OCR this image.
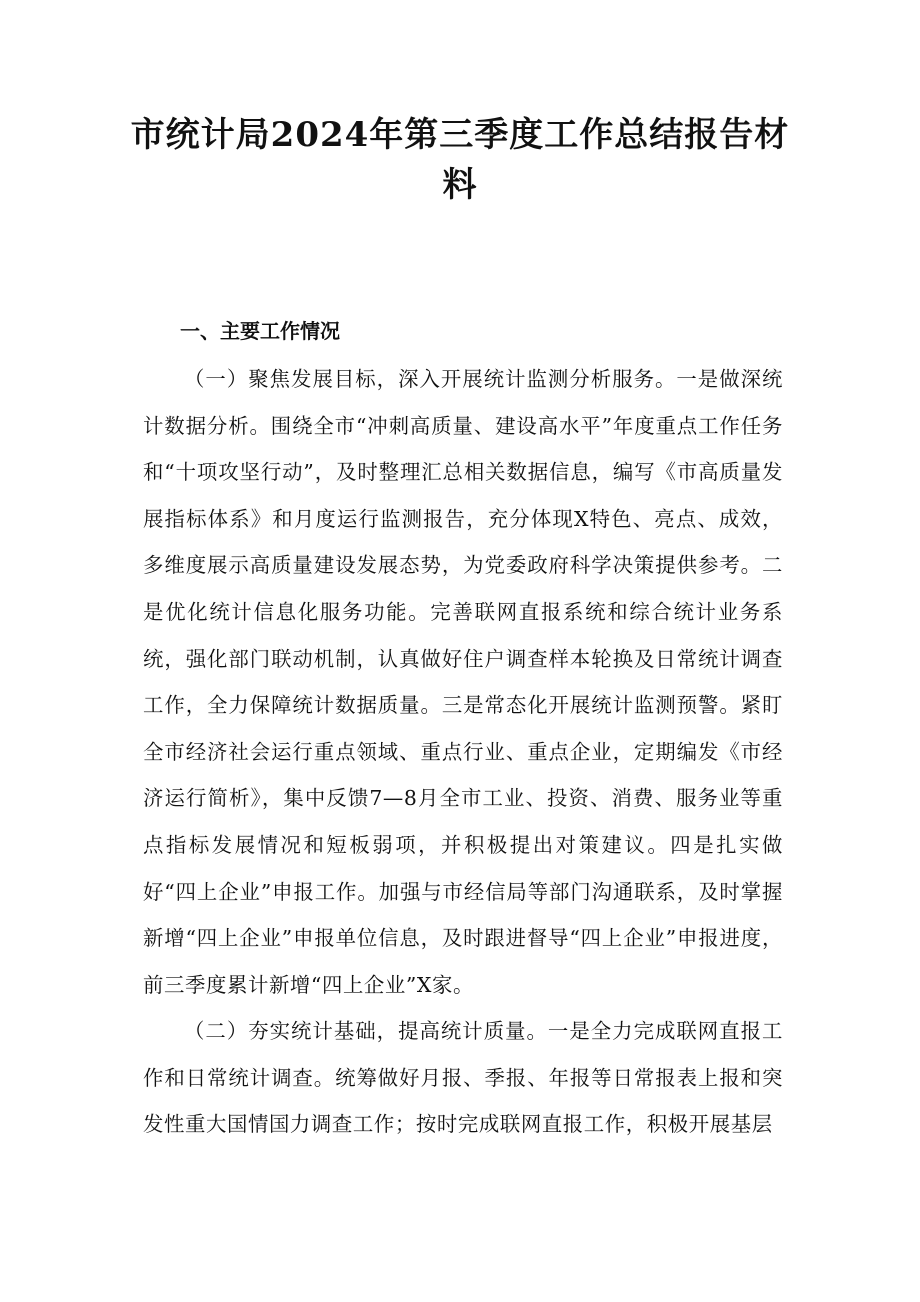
市统计局2024年第三季度工作总结报告材料
一、主要工作情况

（一）聚焦发展目标，深入开展统计监测分析服务。一是做深统计数据分析。围绕全市“冲刺高质量、建设高水平”年度重点工作任务和“十项攻坚行动”，及时整理汇总相关数据信息，编写《市高质量发展指标体系》和月度运行监测报告，充分体现X特色、亮点、成效，多维度展示高质量建设发展态势，为党委政府科学决策提供参考。二是优化统计信息化服务功能。完善联网直报系统和综合统计业务系统，强化部门联动机制，认真做好住户调查样本轮换及日常统计调查工作，全力保障统计数据质量。三是常态化开展统计监测预警。紧盯全市经济社会运行重点领域、重点行业、重点企业，定期编发《市经济运行简析》，集中反馈7—8月全市工业、投资、消费、服务业等重点指标发展情况和短板弱项，并积极提出对策建议。四是扎实做好“四上企业”申报工作。加强与市经信局等部门沟通联系，及时掌握新增“四上企业”申报单位信息，及时跟进督导“四上企业”申报进度，前三季度累计新增“四上企业”X家。

（二）夯实统计基础，提高统计质量。一是全力完成联网直报工作和日常统计调查。统筹做好月报、季报、年报等日常报表上报和突发性重大国情国力调查工作；按时完成联网直报工作，积极开展基层
